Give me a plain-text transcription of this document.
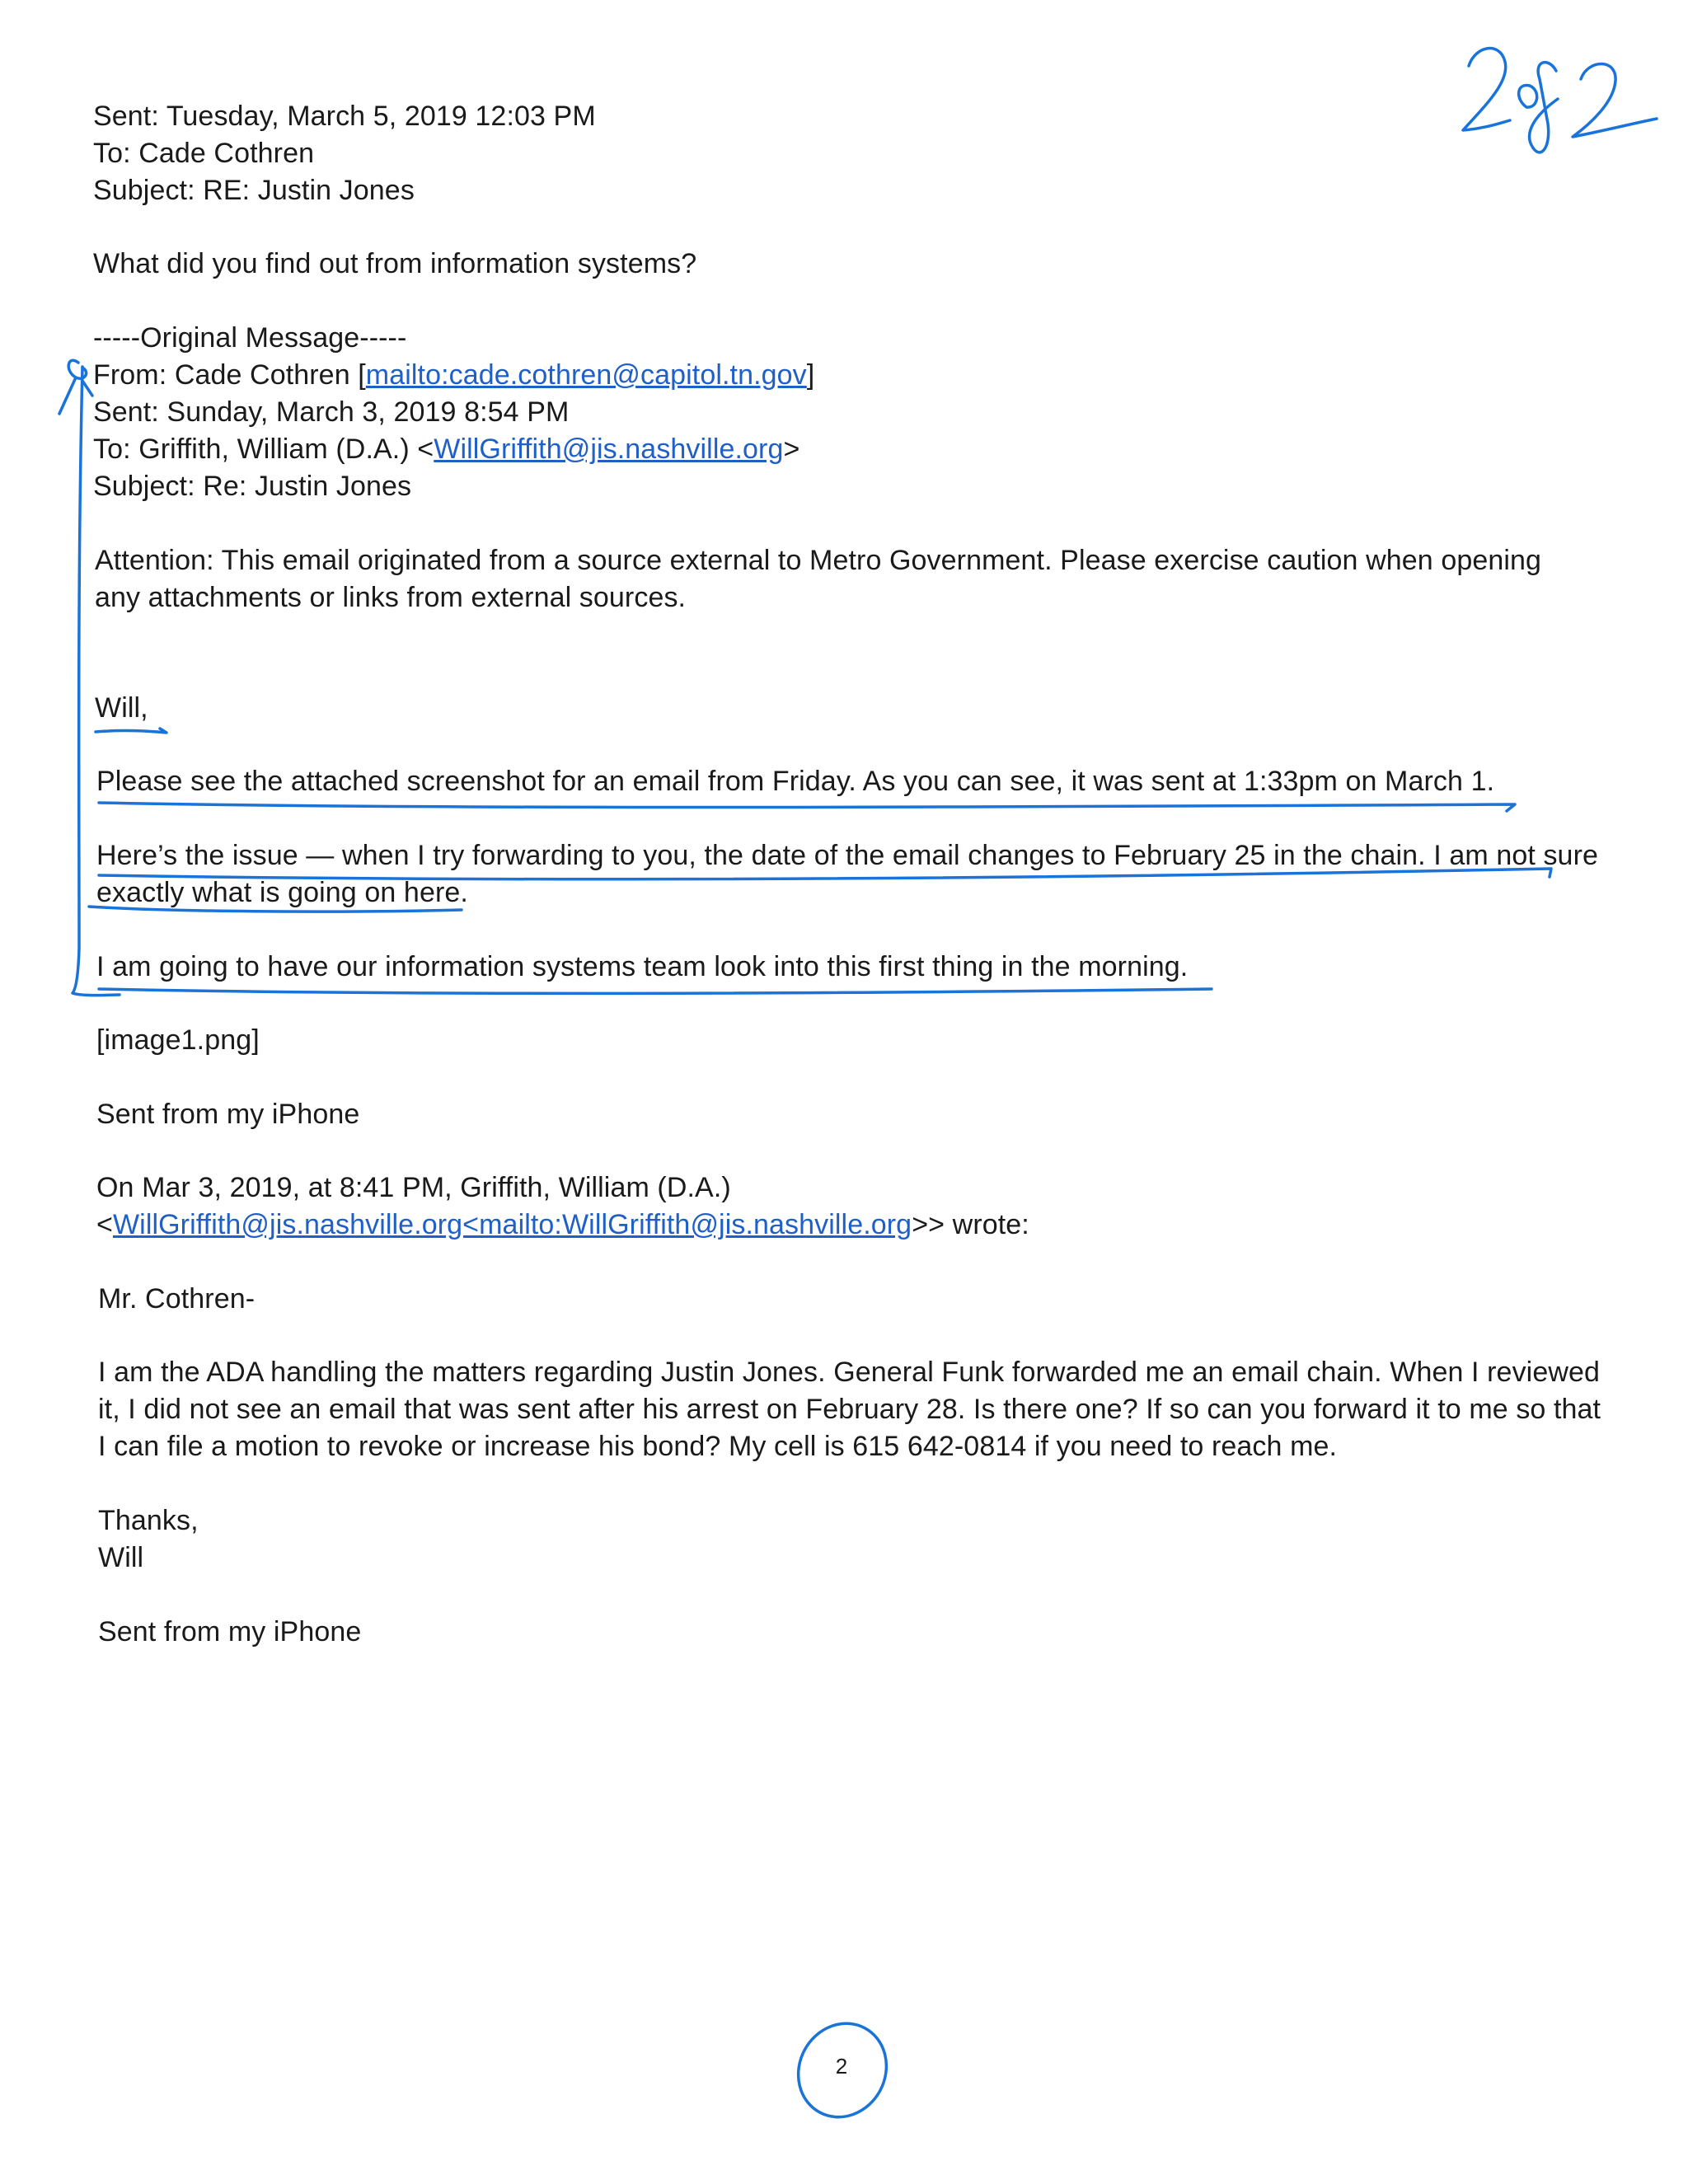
Sent: Tuesday, March 5, 2019 12:03 PM
To: Cade Cothren
Subject: RE: Justin Jones
What did you find out from information systems?
-----Original Message-----
From: Cade Cothren [mailto:cade.cothren@capitol.tn.gov]
Sent: Sunday, March 3, 2019 8:54 PM
To: Griffith, William (D.A.) <WillGriffith@jis.nashville.org>
Subject: Re: Justin Jones
Attention: This email originated from a source external to Metro Government. Please exercise caution when opening
any attachments or links from external sources.
Will,
Please see the attached screenshot for an email from Friday. As you can see, it was sent at 1:33pm on March 1.
Here’s the issue — when I try forwarding to you, the date of the email changes to February 25 in the chain. I am not sure
exactly what is going on here.
I am going to have our information systems team look into this first thing in the morning.
[image1.png]
Sent from my iPhone
On Mar 3, 2019, at 8:41 PM, Griffith, William (D.A.)
<WillGriffith@jis.nashville.org<mailto:WillGriffith@jis.nashville.org>> wrote:
Mr. Cothren-
I am the ADA handling the matters regarding Justin Jones. General Funk forwarded me an email chain. When I reviewed
it, I did not see an email that was sent after his arrest on February 28. Is there one? If so can you forward it to me so that
I can file a motion to revoke or increase his bond? My cell is 615 642-0814 if you need to reach me.
Thanks,
Will
Sent from my iPhone
2
